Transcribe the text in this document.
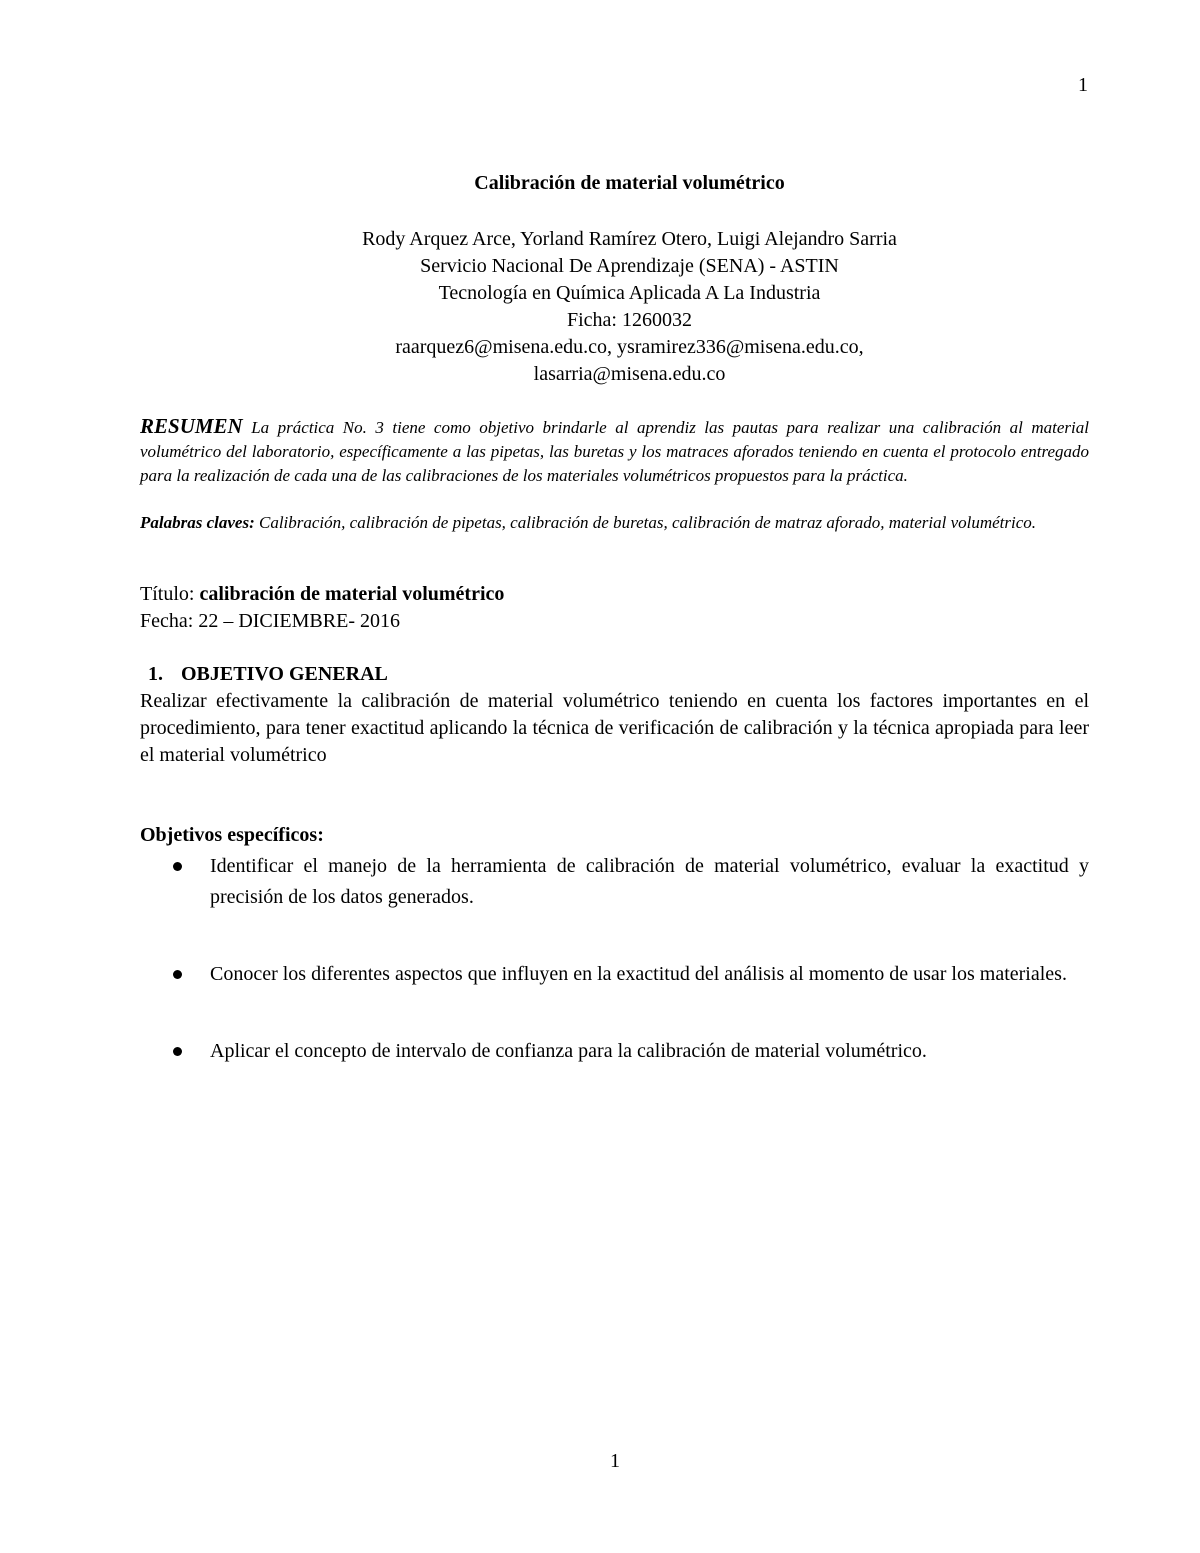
1
Calibración de material volumétrico
Rody Arquez Arce, Yorland Ramírez Otero, Luigi Alejandro Sarria
Servicio Nacional De Aprendizaje (SENA) - ASTIN
Tecnología en Química Aplicada A La Industria
Ficha: 1260032
raarquez6@misena.edu.co, ysramirez336@misena.edu.co,
lasarria@misena.edu.co
RESUMEN La práctica No. 3 tiene como objetivo brindarle al aprendiz las pautas para realizar una calibración al material volumétrico del laboratorio, específicamente a las pipetas, las buretas y los matraces aforados teniendo en cuenta el protocolo entregado para la realización de cada una de las calibraciones de los materiales volumétricos propuestos para la práctica.
Palabras claves: Calibración, calibración de pipetas, calibración de buretas, calibración de matraz aforado, material volumétrico.
Título: calibración de material volumétrico
Fecha: 22 – DICIEMBRE- 2016
1. OBJETIVO GENERAL
Realizar efectivamente la calibración de material volumétrico teniendo en cuenta los factores importantes en el procedimiento, para tener exactitud aplicando la técnica de verificación de calibración y la técnica apropiada para leer el material volumétrico
Objetivos específicos:
Identificar el manejo de la herramienta de calibración de material volumétrico, evaluar la exactitud y precisión de los datos generados.
Conocer los diferentes aspectos que influyen en la exactitud del análisis al momento de usar los materiales.
Aplicar el concepto de intervalo de confianza para la calibración de material volumétrico.
1
